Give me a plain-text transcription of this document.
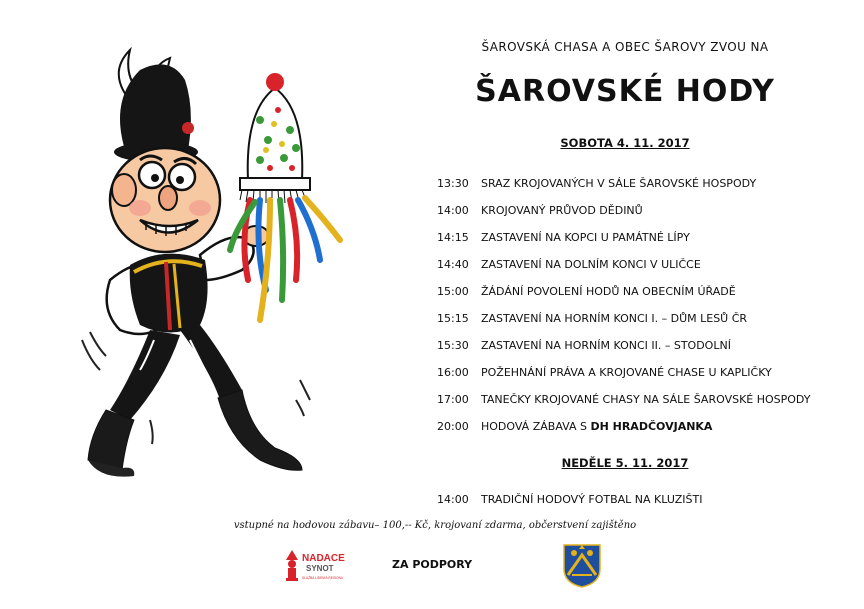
ŠAROVSKÁ CHASA A OBEC ŠAROVY ZVOU NA
ŠAROVSKÉ HODY
SOBOTA 4. 11. 2017
13:30	SRAZ KROJOVANÝCH V SÁLE ŠAROVSKÉ HOSPODY
14:00	KROJOVANÝ PRŮVOD DĚDINŮ
14:15	ZASTAVENÍ NA KOPCI U PAMÁTNÉ LÍPY
14:40	ZASTAVENÍ NA DOLNÍM KONCI V ULIČCE
15:00	ŽÁDÁNÍ POVOLENÍ HODŮ NA OBECNÍM ÚŘADĚ
15:15	ZASTAVENÍ NA HORNÍM KONCI I. – DŮM LESŮ ČR
15:30	ZASTAVENÍ NA HORNÍM KONCI II. – STODOLNÍ
16:00	POŽEHNÁNÍ PRÁVA A KROJOVANÉ CHASE U KAPLIČKY
17:00	TANEČKY KROJOVANÉ CHASY NA SÁLE ŠAROVSKÉ HOSPODY
20:00	HODOVÁ ZÁBAVA S DH HRADČOVJANKA
NEDĚLE 5. 11. 2017
14:00	TRADIČNÍ HODOVÝ FOTBAL NA KLUZIŠTI
vstupné na hodovou zábavu– 100,-- Kč, krojovaní zdarma, občerstvení zajištěno
NADACE
SYNOT
SLUŽBA LIDEM A REGIONU
ZA PODPORY
